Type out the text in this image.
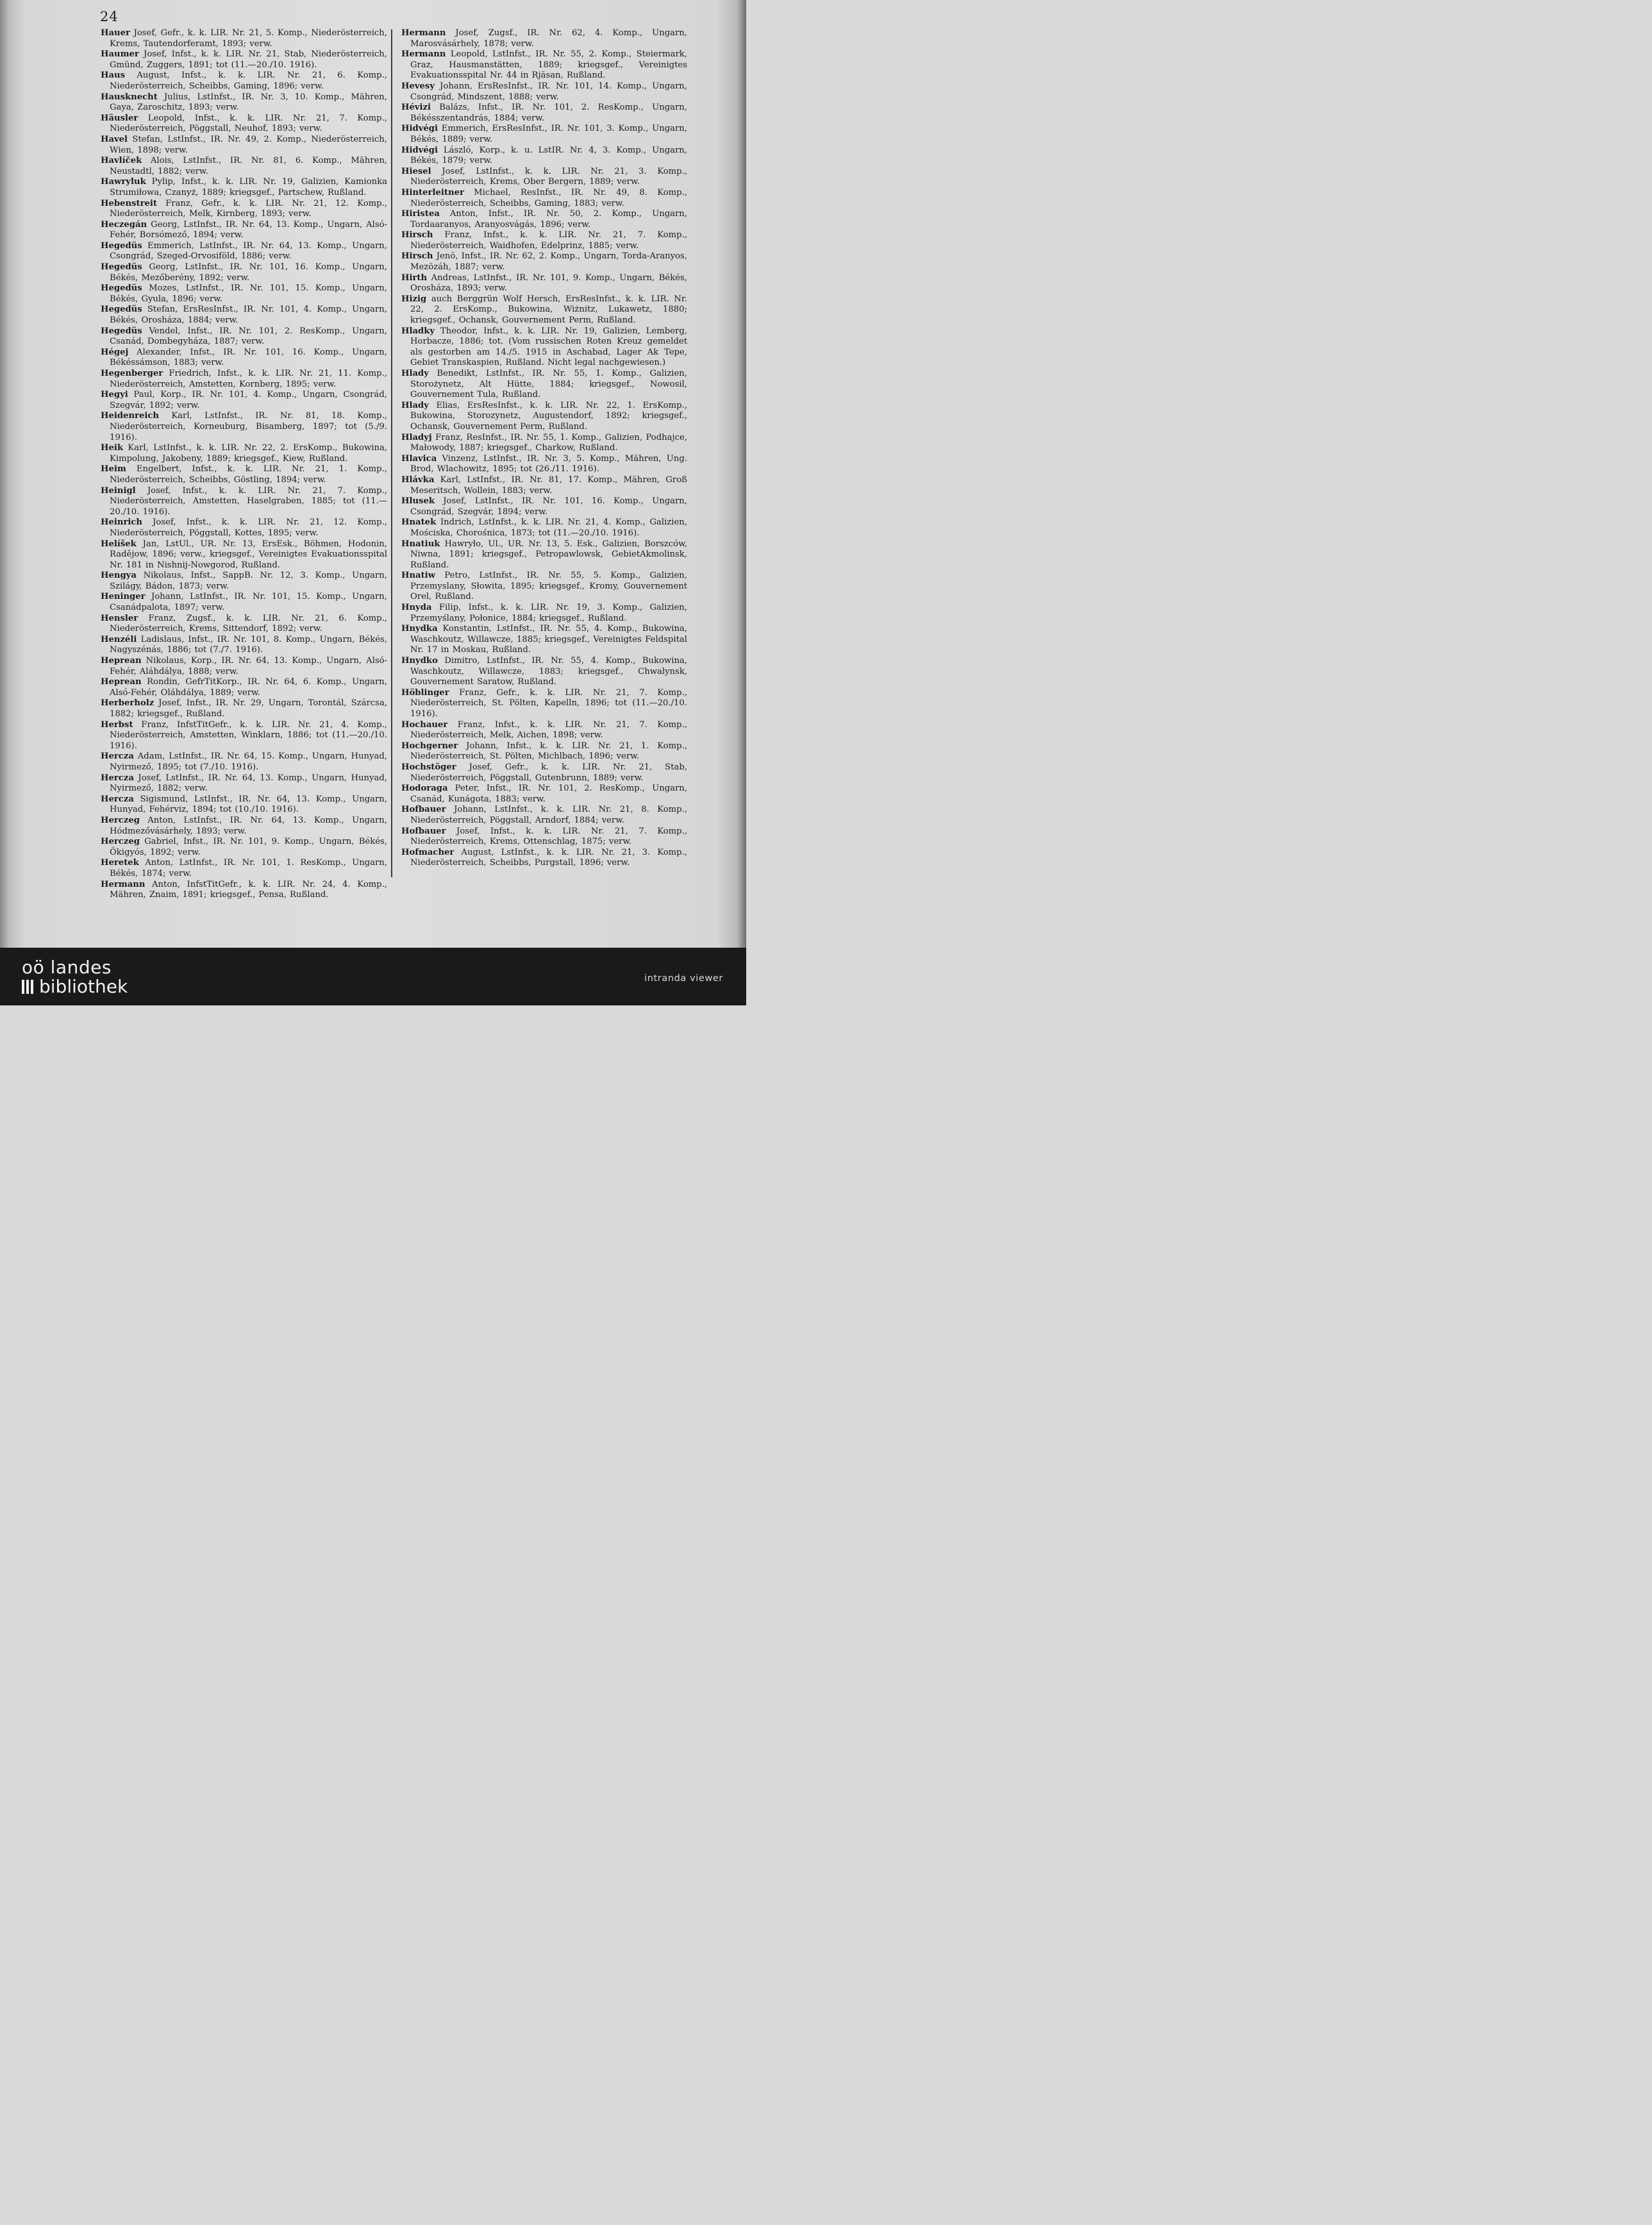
24

Hauer Josef, Gefr., k. k. LIR. Nr. 21, 5. Komp., Niederösterreich, Krems, Tautendorferamt, 1893; verw.

Haumer Josef, Infst., k. k. LIR. Nr. 21, Stab, Niederösterreich, Gmünd, Zuggers, 1891; tot (11.—20./10. 1916).

Haus August, Infst., k. k. LIR. Nr. 21, 6. Komp., Niederösterreich, Scheibbs, Gaming, 1896; verw.

Hausknecht Julius, LstInfst., IR. Nr. 3, 10. Komp., Mähren, Gaya, Zaroschitz, 1893; verw.

Häusler Leopold, Infst., k. k. LIR. Nr. 21, 7. Komp., Niederösterreich, Pöggstall, Neuhof, 1893; verw.

Havel Stefan, LstInfst., IR. Nr. 49, 2. Komp., Niederösterreich, Wien, 1898; verw.

Havlíček Alois, LstInfst., IR. Nr. 81, 6. Komp., Mähren, Neustadtl, 1882; verw.

Hawryluk Pylip, Infst., k. k. LIR. Nr. 19, Galizien, Kamionka Strumiłowa, Czanyż, 1889; kriegsgef., Partschew, Rußland.

Hebenstreit Franz, Gefr., k. k. LIR. Nr. 21, 12. Komp., Niederösterreich, Melk, Kirnberg, 1893; verw.

Heczegán Georg, LstInfst., IR. Nr. 64, 13. Komp., Ungarn, Alsó-Fehér, Borsómező, 1894; verw.

Hegedüs Emmerich, LstInfst., IR. Nr. 64, 13. Komp., Ungarn, Csongrád, Szeged-Orvosiföld, 1886; verw.

Hegedüs Georg, LstInfst., IR. Nr. 101, 16. Komp., Ungarn, Békés, Mezőberény, 1892; verw.

Hegedüs Mozes, LstInfst., IR. Nr. 101, 15. Komp., Ungarn, Békés, Gyula, 1896; verw.

Hegedüs Stefan, ErsResInfst., IR. Nr. 101, 4. Komp., Ungarn, Békés, Orosháza, 1884; verw.

Hegedüs Vendel, Infst., IR. Nr. 101, 2. ResKomp., Ungarn, Csanád, Dombegyháza, 1887; verw.

Hégej Alexander, Infst., IR. Nr. 101, 16. Komp., Ungarn, Békéssámson, 1883; verw.

Hegenberger Friedrich, Infst., k. k. LIR. Nr. 21, 11. Komp., Niederösterreich, Amstetten, Kornberg, 1895; verw.

Hegyi Paul, Korp., IR. Nr. 101, 4. Komp., Ungarn, Csongrád, Szegvár, 1892; verw.

Heidenreich Karl, LstInfst., IR. Nr. 81, 18. Komp., Niederösterreich, Korneuburg, Bisamberg, 1897; tot (5./9. 1916).

Heik Karl, LstInfst., k. k. LIR. Nr. 22, 2. ErsKomp., Bukowina, Kimpolung, Jakobeny, 1889; kriegsgef., Kiew, Rußland.

Heim Engelbert, Infst., k. k. LIR. Nr. 21, 1. Komp., Niederösterreich, Scheibbs, Göstling, 1894; verw.

Heinigl Josef, Infst., k. k. LIR. Nr. 21, 7. Komp., Niederösterreich, Amstetten, Haselgraben, 1885; tot (11.—20./10. 1916).

Heinrich Josef, Infst., k. k. LIR. Nr. 21, 12. Komp., Niederösterreich, Pöggstall, Kottes, 1895; verw.

Helíšek Jan, LstUl., UR. Nr. 13, ErsEsk., Böhmen, Hodonin, Radějow, 1896; verw., kriegsgef., Vereinigtes Evakuationsspital Nr. 181 in Nishnij-Nowgorod, Rußland.

Hengya Nikolaus, Infst., SappB. Nr. 12, 3. Komp., Ungarn, Szilágy, Bádon, 1873; verw.

Heninger Johann, LstInfst., IR. Nr. 101, 15. Komp., Ungarn, Csanádpalota, 1897; verw.

Hensler Franz, Zugsf., k. k. LIR. Nr. 21, 6. Komp., Niederösterreich, Krems, Sittendorf, 1892; verw.

Henzéli Ladislaus, Infst., IR. Nr. 101, 8. Komp., Ungarn, Békés, Nagyszénás, 1886; tot (7./7. 1916).

Heprean Nikolaus, Korp., IR. Nr. 64, 13. Komp., Ungarn, Alsó-Fehér, Aláhdálya, 1888; verw.

Heprean Rondin, GefrTitKorp., IR. Nr. 64, 6. Komp., Ungarn, Alsó-Fehér, Oláhdálya, 1889; verw.

Herberholz Josef, Infst., IR. Nr. 29, Ungarn, Torontál, Szárcsa, 1882; kriegsgef., Rußland.

Herbst Franz, InfstTitGefr., k. k. LIR. Nr. 21, 4. Komp., Niederösterreich, Amstetten, Winklarn, 1886; tot (11.—20./10. 1916).

Hercza Adam, LstInfst., IR. Nr. 64, 15. Komp., Ungarn, Hunyad, Nyirmező, 1895; tot (7./10. 1916).

Hercza Josef, LstInfst., IR. Nr. 64, 13. Komp., Ungarn, Hunyad, Nyirmező, 1882; verw.

Hercza Sigismund, LstInfst., IR. Nr. 64, 13. Komp., Ungarn, Hunyad, Fehérviz, 1894; tot (10./10. 1916).

Herczeg Anton, LstInfst., IR. Nr. 64, 13. Komp., Ungarn, Hódmezővásárhely, 1893; verw.

Herczeg Gabriel, Infst., IR. Nr. 101, 9. Komp., Ungarn, Békés, Ökigyós, 1892; verw.

Heretek Anton, LstInfst., IR. Nr. 101, 1. ResKomp., Ungarn, Békés, 1874; verw.

Hermann Anton, InfstTitGefr., k. k. LIR. Nr. 24, 4. Komp., Mähren, Znaim, 1891; kriegsgef., Pensa, Rußland.

Hermann Josef, Zugsf., IR. Nr. 62, 4. Komp., Ungarn, Marosvásárhely, 1878; verw.

Hermann Leopold, LstInfst., IR. Nr. 55, 2. Komp., Steiermark, Graz, Hausmanstätten, 1889; kriegsgef., Vereinigtes Evakuationsspital Nr. 44 in Rjäsan, Rußland.

Hevesy Johann, ErsResInfst., IR. Nr. 101, 14. Komp., Ungarn, Csongrád, Mindszent, 1888; verw.

Hévizi Balázs, Infst., IR. Nr. 101, 2. ResKomp., Ungarn, Békésszentandrás, 1884; verw.

Hidvégi Emmerich, ErsResInfst., IR. Nr. 101, 3. Komp., Ungarn, Békés, 1889; verw.

Hidvégi László, Korp., k. u. LstIR. Nr. 4, 3. Komp., Ungarn, Békés, 1879; verw.

Hiesel Josef, LstInfst., k. k. LIR. Nr. 21, 3. Komp., Niederösterreich, Krems, Ober Bergern, 1889; verw.

Hinterleitner Michael, ResInfst., IR. Nr. 49, 8. Komp., Niederösterreich, Scheibbs, Gaming, 1883; verw.

Hiristea Anton, Infst., IR. Nr. 50, 2. Komp., Ungarn, Tordaaranyos, Aranyosvágás, 1896; verw.

Hirsch Franz, Infst., k. k. LIR. Nr. 21, 7. Komp., Niederösterreich, Waidhofen, Edelprinz, 1885; verw.

Hirsch Jenö, Infst., IR. Nr. 62, 2. Komp., Ungarn, Torda-Aranyos, Mezözáh, 1887; verw.

Hirth Andreas, LstInfst., IR. Nr. 101, 9. Komp., Ungarn, Békés, Orosháza, 1893; verw.

Hizig auch Berggrün Wolf Hersch, ErsResInfst., k. k. LIR. Nr. 22, 2. ErsKomp., Bukowina, Wiżnitz, Lukawetz, 1880; kriegsgef., Ochansk, Gouvernement Perm, Rußland.

Hladky Theodor, Infst., k. k. LIR. Nr. 19, Galizien, Lemberg, Horbacze, 1886; tot. (Vom russischen Roten Kreuz gemeldet als gestorben am 14./5. 1915 in Aschabad, Lager Ak Tepe, Gebiet Transkaspien, Rußland. Nicht legal nachgewiesen.)

Hlady Benedikt, LstInfst., IR. Nr. 55, 1. Komp., Galizien, Storożynetz, Alt Hütte, 1884; kriegsgef., Nowosil, Gouvernement Tula, Rußland.

Hlady Elias, ErsResInfst., k. k. LIR. Nr. 22, 1. ErsKomp., Bukowina, Storozynetz, Augustendorf, 1892; kriegsgef., Ochansk, Gouvernement Perm, Rußland.

Hladyj Franz, ResInfst., IR. Nr. 55, 1. Komp., Galizien, Podhajce, Małowody, 1887; kriegsgef., Charkow, Rußland.

Hlavica Vinzenz, LstInfst., IR. Nr. 3, 5. Komp., Mähren, Ung. Brod, Wlachowitz, 1895; tot (26./11. 1916).

Hlávka Karl, LstInfst., IR. Nr. 81, 17. Komp., Mähren, Groß Meseritsch, Wollein, 1883; verw.

Hlusek Josef, LstInfst., IR. Nr. 101, 16. Komp., Ungarn, Csongrád, Szegvár, 1894; verw.

Hnatek Indrich, LstInfst., k. k. LIR. Nr. 21, 4. Komp., Galizien, Mościska, Chorośnica, 1873; tot (11.—20./10. 1916).

Hnatiuk Hawryło, Ul., UR. Nr. 13, 5. Esk., Galizien, Borszców, Niwna, 1891; kriegsgef., Petropawlowsk, GebietAkmolinsk, Rußland.

Hnatiw Petro, LstInfst., IR. Nr. 55, 5. Komp., Galizien, Przemyslany, Słowita, 1895; kriegsgef., Kromy, Gouvernement Orel, Rußland.

Hnyda Filip, Infst., k. k. LIR. Nr. 19, 3. Komp., Galizien, Przemyślany, Połonice, 1884; kriegsgef., Rußland.

Hnydka Konstantin, LstInfst., IR. Nr. 55, 4. Komp., Bukowina, Waschkoutz, Willawcze, 1885; kriegsgef., Vereinigtes Feldspital Nr. 17 in Moskau, Rußland.

Hnydko Dimitro, LstInfst., IR. Nr. 55, 4. Komp., Bukowina, Waschkoutz, Willawcze, 1883; kriegsgef., Chwalynsk, Gouvernement Saratow, Rußland.

Höblinger Franz, Gefr., k. k. LIR. Nr. 21, 7. Komp., Niederösterreich, St. Pölten, Kapelln, 1896; tot (11.—20./10. 1916).

Hochauer Franz, Infst., k. k. LIR. Nr. 21, 7. Komp., Niederösterreich, Melk, Aichen, 1898; verw.

Hochgerner Johann, Infst., k. k. LIR. Nr. 21, 1. Komp., Niederösterreich, St. Pölten, Michlbach, 1896; verw.

Hochstöger Josef, Gefr., k. k. LIR. Nr. 21, Stab, Niederösterreich, Pöggstall, Gutenbrunn, 1889; verw.

Hodoraga Peter, Infst., IR. Nr. 101, 2. ResKomp., Ungarn, Csanád, Kunágota, 1883; verw.

Hofbauer Johann, LstInfst., k. k. LIR. Nr. 21, 8. Komp., Niederösterreich, Pöggstall, Arndorf, 1884; verw.

Hofbauer Josef, Infst., k. k. LIR. Nr. 21, 7. Komp., Niederösterreich, Krems, Ottenschlag, 1875; verw.

Hofmacher August, LstInfst., k. k. LIR. Nr. 21, 3. Komp., Niederösterreich, Scheibbs, Purgstall, 1896; verw.

oö landes
bibliothek	intranda viewer
